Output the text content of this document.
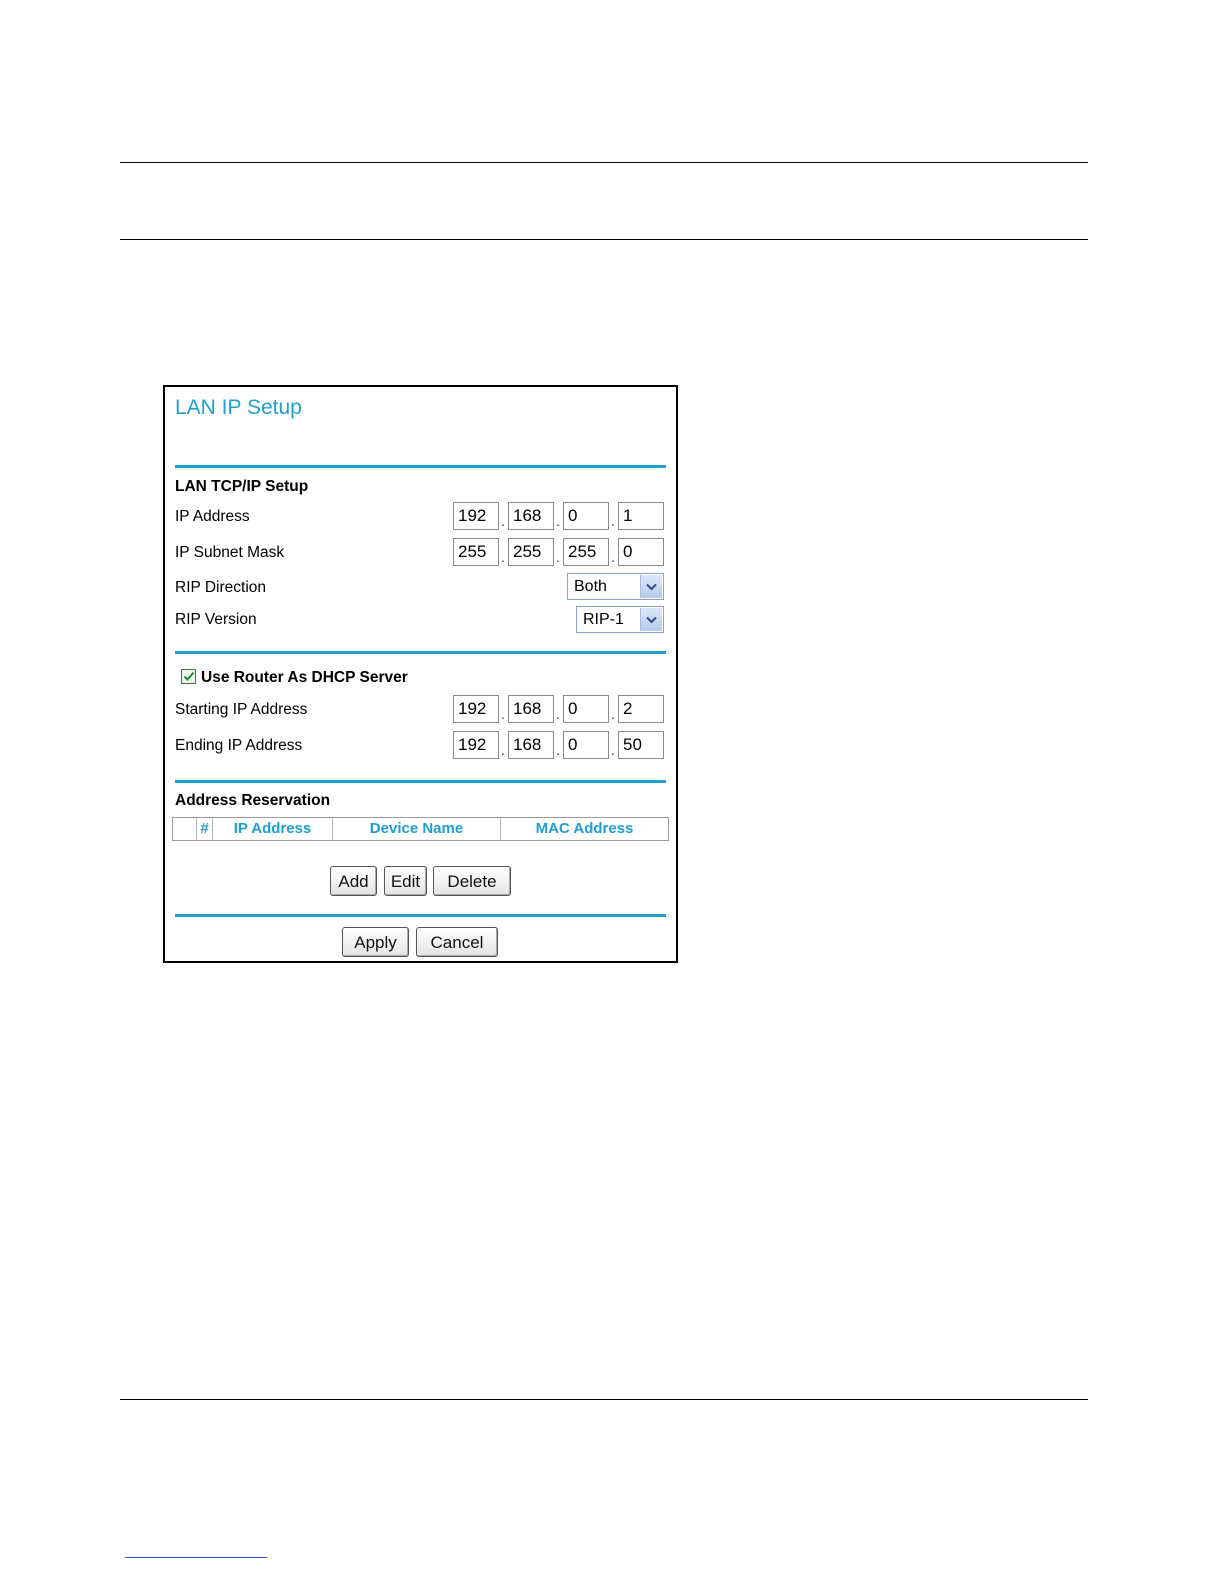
LAN IP Setup
LAN TCP/IP Setup
IP Address	192	. 168	. 0	. 1
IP Subnet Mask	255	. 255	. 255	. 0
RIP Direction	Both
RIP Version	RIP-1
Use Router As DHCP Server
Starting IP Address	192	. 168	. 0	. 2
Ending IP Address	192	. 168	. 0	. 50
Address Reservation
#	IP Address	Device Name	MAC Address
Add	Edit	Delete
Apply	Cancel
